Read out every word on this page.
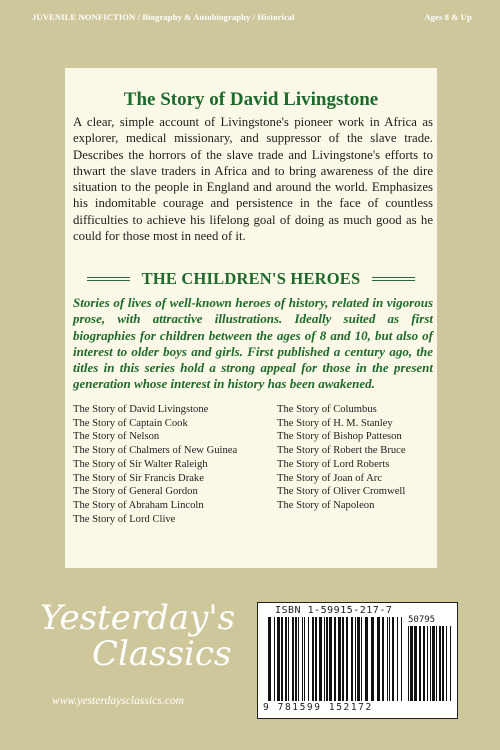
JUVENILE NONFICTION / Biography & Autobiography / Historical	Ages 8 & Up
The Story of David Livingstone
A clear, simple account of Livingstone's pioneer work in Africa as explorer, medical missionary, and suppressor of the slave trade. Describes the horrors of the slave trade and Livingstone's efforts to thwart the slave traders in Africa and to bring awareness of the dire situation to the people in England and around the world. Emphasizes his indomitable courage and persistence in the face of countless difficulties to achieve his lifelong goal of doing as much good as he could for those most in need of it.
THE CHILDREN'S HEROES
Stories of lives of well-known heroes of history, related in vigorous prose, with attractive illustrations. Ideally suited as first biographies for children between the ages of 8 and 10, but also of interest to older boys and girls. First published a century ago, the titles in this series hold a strong appeal for those in the present generation whose interest in history has been awakened.
The Story of David Livingstone
The Story of Captain Cook
The Story of Nelson
The Story of Chalmers of New Guinea
The Story of Sir Walter Raleigh
The Story of Sir Francis Drake
The Story of General Gordon
The Story of Abraham Lincoln
The Story of Lord Clive
The Story of Columbus
The Story of H. M. Stanley
The Story of Bishop Patteson
The Story of Robert the Bruce
The Story of Lord Roberts
The Story of Joan of Arc
The Story of Oliver Cromwell
The Story of Napoleon
Yesterday's
Classics
www.yesterdaysclassics.com
ISBN 1-59915-217-7
50795
9 781599 152172
